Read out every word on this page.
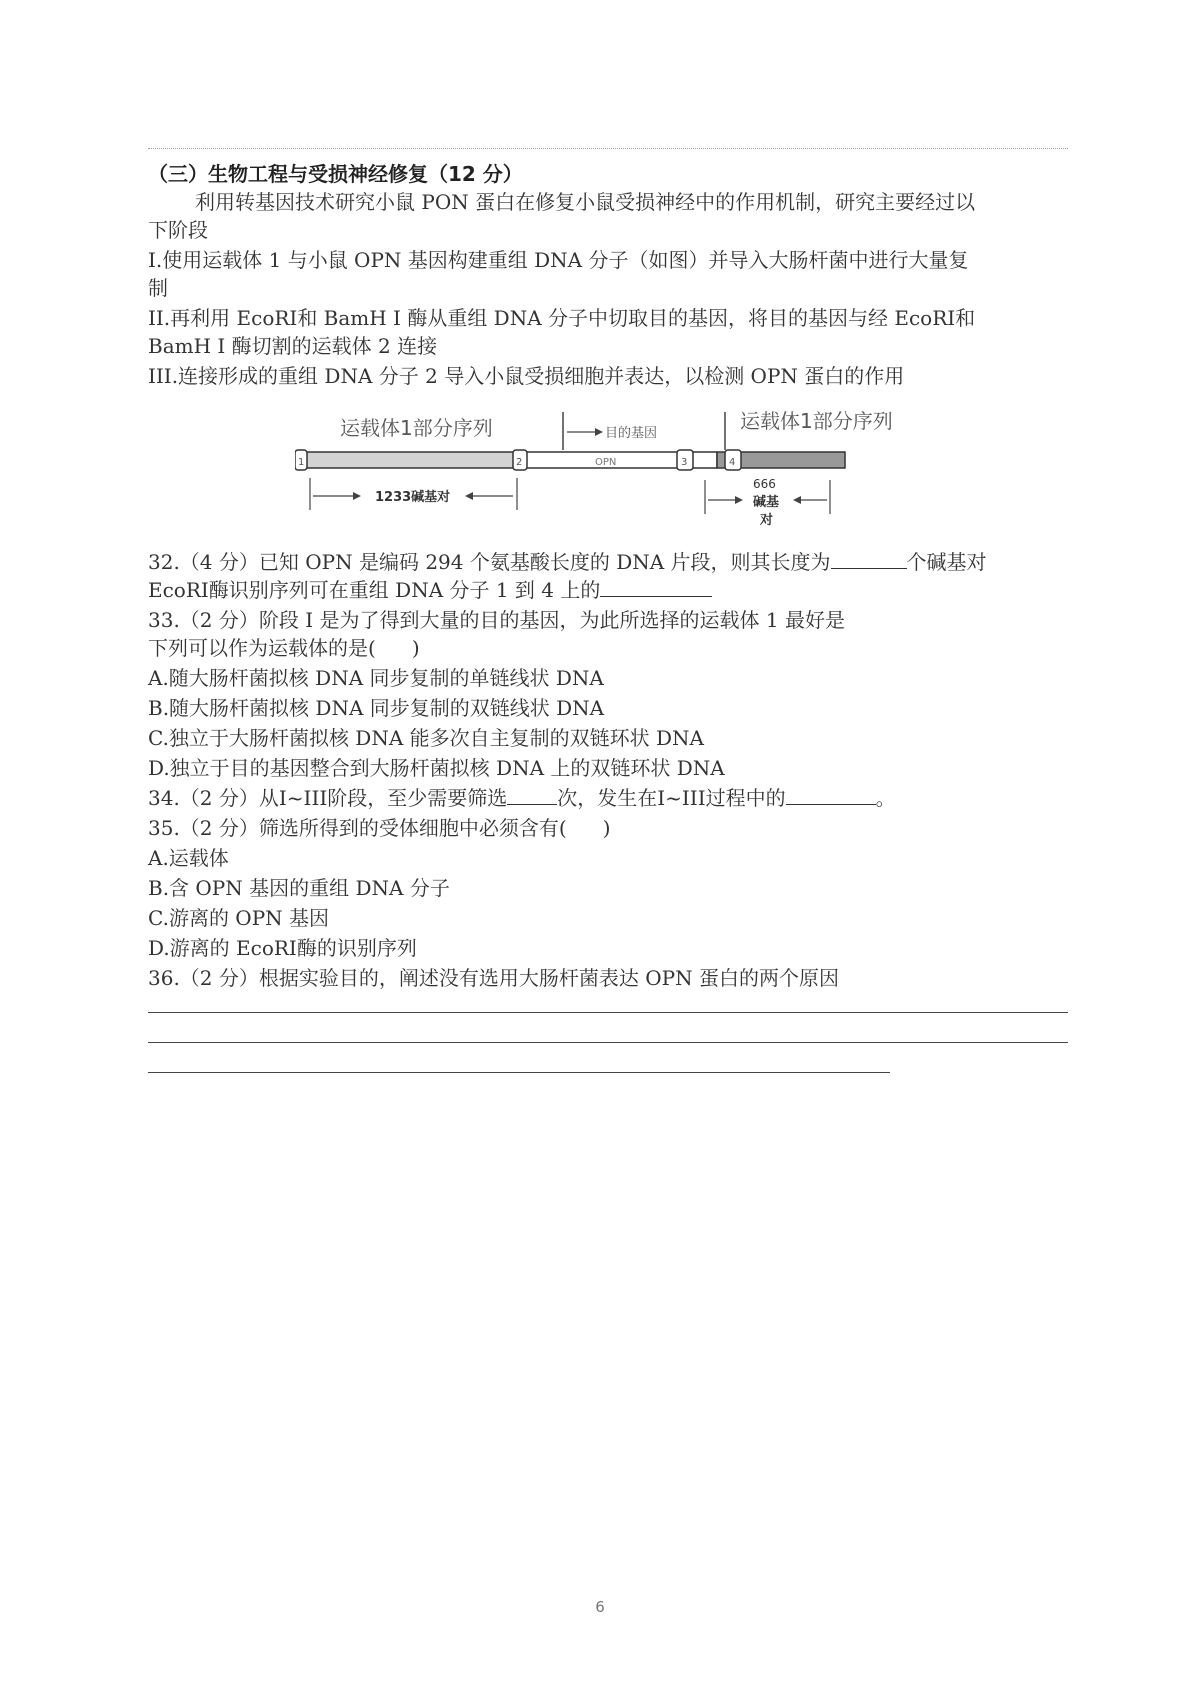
（三）生物工程与受损神经修复（12 分）
利用转基因技术研究小鼠 PON 蛋白在修复小鼠受损神经中的作用机制，研究主要经过以
下阶段
I.使用运载体 1 与小鼠 OPN 基因构建重组 DNA 分子（如图）并导入大肠杆菌中进行大量复
制
II.再利用 EcoRI和 BamH I 酶从重组 DNA 分子中切取目的基因，将目的基因与经 EcoRI和
BamH I 酶切割的运载体 2 连接
III.连接形成的重组 DNA 分子 2 导入小鼠受损细胞并表达，以检测 OPN 蛋白的作用
运载体1部分序列	运载体1部分序列
目的基因
OPN
1	2	3	4
1233碱基对
666
碱基
对
32.（4 分）已知 OPN 是编码 294 个氨基酸长度的 DNA 片段，则其长度为	个碱基对
EcoRI酶识别序列可在重组 DNA 分子 1 到 4 上的
33.（2 分）阶段 I 是为了得到大量的目的基因，为此所选择的运载体 1 最好是
下列可以作为运载体的是( )
A.随大肠杆菌拟核 DNA 同步复制的单链线状 DNA
B.随大肠杆菌拟核 DNA 同步复制的双链线状 DNA
C.独立于大肠杆菌拟核 DNA 能多次自主复制的双链环状 DNA
D.独立于目的基因整合到大肠杆菌拟核 DNA 上的双链环状 DNA
34.（2 分）从I~III阶段，至少需要筛选	次，发生在I~III过程中的	。
35.（2 分）筛选所得到的受体细胞中必须含有( )
A.运载体
B.含 OPN 基因的重组 DNA 分子
C.游离的 OPN 基因
D.游离的 EcoRI酶的识别序列
36.（2 分）根据实验目的，阐述没有选用大肠杆菌表达 OPN 蛋白的两个原因
6
